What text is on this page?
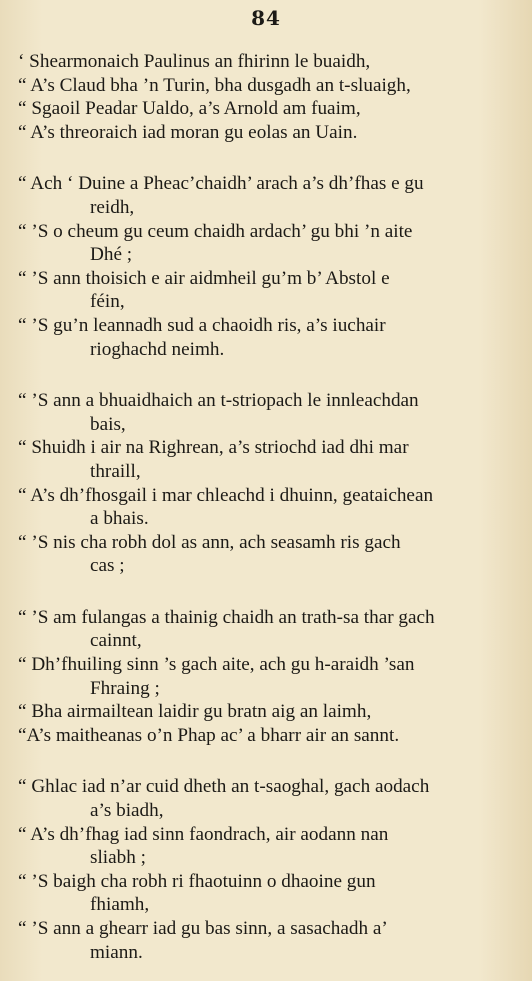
84
‘ Shearmonaich Paulinus an fhirinn le buaidh,
“ A’s Claud bha ’n Turin, bha dusgadh an t-sluaigh,
“ Sgaoil Peadar Ualdo, a’s Arnold am fuaim,
“ A’s threoraich iad moran gu eolas an Uain.
“ Ach ‘ Duine a Pheac’chaidh’ arach a’s dh’fhas e gu
reidh,
“ ’S o cheum gu ceum chaidh ardach’ gu bhi ’n aite
Dhé ;
“ ’S ann thoisich e air aidmheil gu’m b’ Abstol e
féin,
“ ’S gu’n leannadh sud a chaoidh ris, a’s iuchair
rioghachd neimh.
“ ’S ann a bhuaidhaich an t-striopach le innleachdan
bais,
“ Shuidh i air na Righrean, a’s striochd iad dhi mar
thraill,
“ A’s dh’fhosgail i mar chleachd i dhuinn, geataichean
a bhais.
“ ’S nis cha robh dol as ann, ach seasamh ris gach
cas ;
“ ’S am fulangas a thainig chaidh an trath-sa thar gach
cainnt,
“ Dh’fhuiling sinn ’s gach aite, ach gu h-araidh ’san
Fhraing ;
“ Bha airmailtean laidir gu bratn aig an laimh,
“A’s maitheanas o’n Phap ac’ a bharr air an sannt.
“ Ghlac iad n’ar cuid dheth an t-saoghal, gach aodach
a’s biadh,
“ A’s dh’fhag iad sinn faondrach, air aodann nan
sliabh ;
“ ’S baigh cha robh ri fhaotuinn o dhaoine gun
fhiamh,
“ ’S ann a ghearr iad gu bas sinn, a sasachadh a’
miann.
